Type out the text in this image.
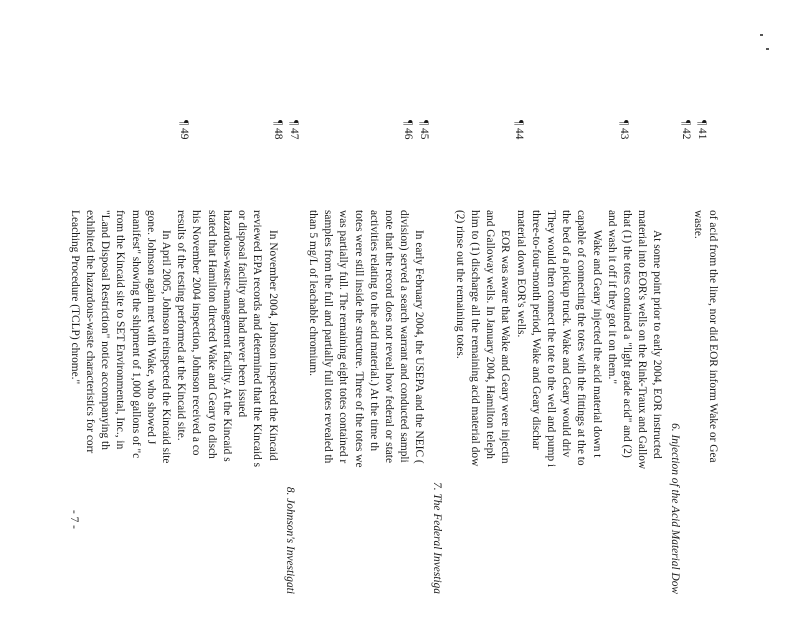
¶ 41
¶ 42
¶ 43
¶ 44
¶ 45
¶ 46
¶ 47
¶ 48
¶ 49

of acid from the line, nor did EOR inform Wake or Gea

waste.

6. Injection of the Acid Material Dow

At some point prior to early 2004, EOR instructed

material into EOR's wells on the Rink-Traux and Gallow

that (1) the totes contained a "light grade acid" and (2)

and wash it off if they got it on them."

Wake and Geary injected the acid material down t

capable of connecting the totes with the fittings at the to

the bed of a pickup truck. Wake and Geary would driv

They would then connect the tote to the well and pump i

three-to-four-month period, Wake and Geary dischar

material down EOR's wells.

EOR was aware that Wake and Geary were injectin

and Galloway wells. In January 2004, Hamilton teleph

him to (1) discharge all the remaining acid material dow

(2) rinse out the remaining totes.

7. The Federal Investiga

In early February 2004, the USEPA and the NEIC (

division) served a search warrant and conducted sampli

note that the record does not reveal how federal or state

activities relating to the acid material.) At the time th

totes were still inside the structure. Three of the totes we

was partially full. The remaining eight totes contained r

samples from the full and partially full totes revealed th

than 5 mg/L of leachable chromium.

8. Johnson's Investigati

In November 2004, Johnson inspected the Kincaid

reviewed EPA records and determined that the Kincaid s

or disposal facility and had never been issued

hazardous-waste-management facility. At the Kincaid s

stated that Hamilton directed Wake and Geary to disch

his November 2004 inspection, Johnson received a co

results of the testing performed at the Kincaid site.

In April 2005, Johnson reinspected the Kincaid site

gone. Johnson again met with Wake, who showed J

manifest" showing the shipment of 1,000 gallons of "c

from the Kincaid site to SET Environmental, Inc., in

"Land Disposal Restriction" notice accompanying th

exhibited the hazardous-waste characteristics for corr

Leaching Procedure (TCLP) chrome."

- 7 -
